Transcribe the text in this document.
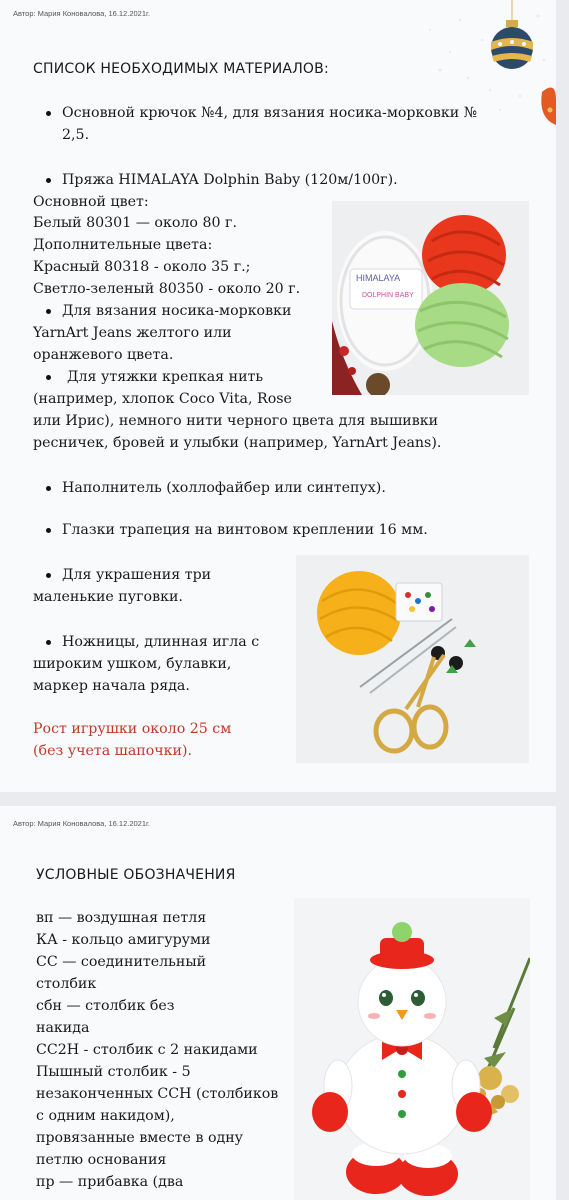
Автор: Мария Коновалова, 16.12.2021г.
СПИСОК НЕОБХОДИМЫХ МАТЕРИАЛОВ:
Основной крючок №4, для вязания носика-морковки №
2,5.
Пряжа HIMALAYA Dolphin Baby (120м/100г).
Основной цвет:
Белый 80301 — около 80 г.
Дополнительные цвета:
Красный 80318 - около 35 г.;
Светло-зеленый 80350 - около 20 г.
Для вязания носика-морковки
YarnArt Jeans желтого или
оранжевого цвета.
Для утяжки крепкая нить
(например, хлопок Coco Vita, Rose
или Ирис), немного нити черного цвета для вышивки
ресничек, бровей и улыбки (например, YarnArt Jeans).
Наполнитель (холлофайбер или синтепух).
Глазки трапеция на винтовом креплении 16 мм.
Для украшения три
маленькие пуговки.
Ножницы, длинная игла с
широким ушком, булавки,
маркер начала ряда.
Рост игрушки около 25 см
(без учета шапочки).
HIMALAYA
DOLPHIN BABY
Автор: Мария Коновалова, 16.12.2021г.
УСЛОВНЫЕ ОБОЗНАЧЕНИЯ
вп — воздушная петля
КА - кольцо амигуруми
СС — соединительный
столбик
сбн — столбик без
накида
СС2Н - столбик с 2 накидами
Пышный столбик - 5
незаконченных ССН (столбиков
с одним накидом),
провязанные вместе в одну
петлю основания
пр — прибавка (два
